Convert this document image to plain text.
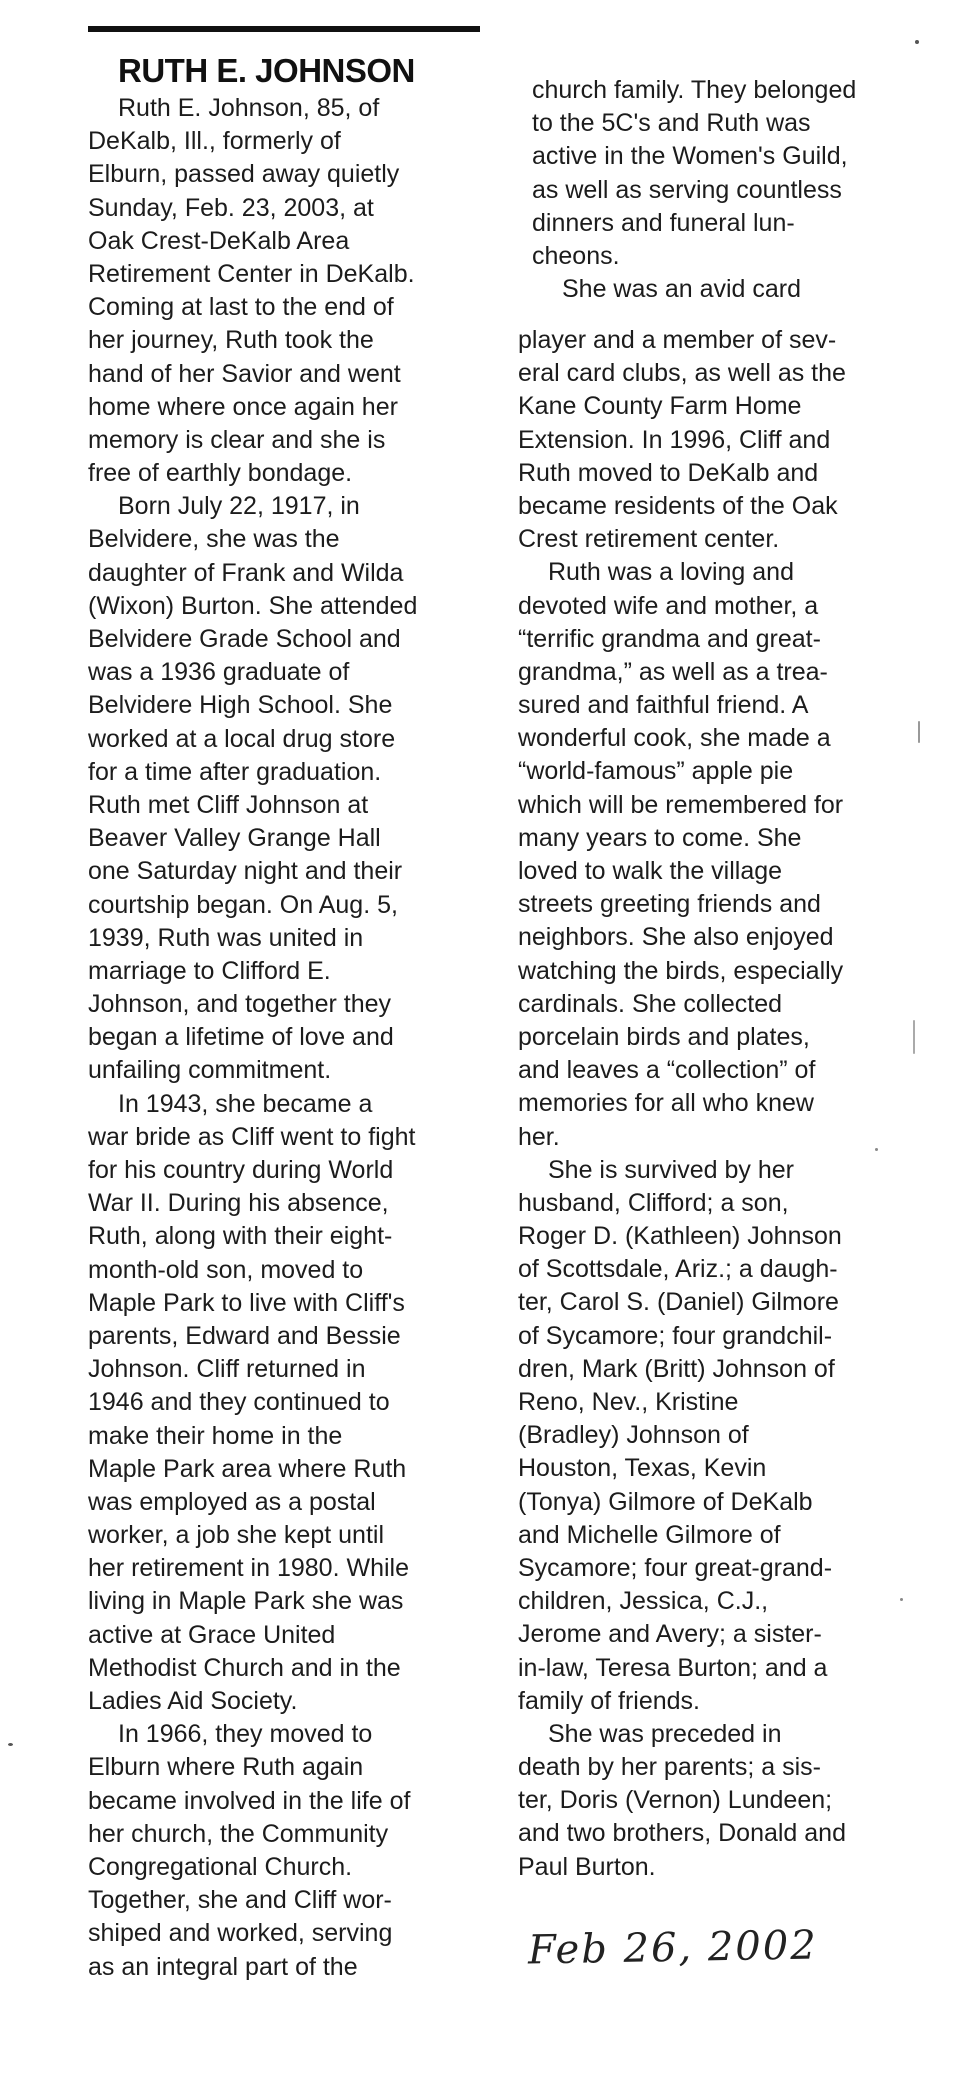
RUTH E. JOHNSON
Ruth E. Johnson, 85, of
DeKalb, Ill., formerly of
Elburn, passed away quietly
Sunday, Feb. 23, 2003, at
Oak Crest-DeKalb Area
Retirement Center in DeKalb.
Coming at last to the end of
her journey, Ruth took the
hand of her Savior and went
home where once again her
memory is clear and she is
free of earthly bondage.
Born July 22, 1917, in
Belvidere, she was the
daughter of Frank and Wilda
(Wixon) Burton. She attended
Belvidere Grade School and
was a 1936 graduate of
Belvidere High School. She
worked at a local drug store
for a time after graduation.
Ruth met Cliff Johnson at
Beaver Valley Grange Hall
one Saturday night and their
courtship began. On Aug. 5,
1939, Ruth was united in
marriage to Clifford E.
Johnson, and together they
began a lifetime of love and
unfailing commitment.
In 1943, she became a
war bride as Cliff went to fight
for his country during World
War II. During his absence,
Ruth, along with their eight-
month-old son, moved to
Maple Park to live with Cliff's
parents, Edward and Bessie
Johnson. Cliff returned in
1946 and they continued to
make their home in the
Maple Park area where Ruth
was employed as a postal
worker, a job she kept until
her retirement in 1980. While
living in Maple Park she was
active at Grace United
Methodist Church and in the
Ladies Aid Society.
In 1966, they moved to
Elburn where Ruth again
became involved in the life of
her church, the Community
Congregational Church.
Together, she and Cliff wor-
shiped and worked, serving
as an integral part of the
church family. They belonged
to the 5C's and Ruth was
active in the Women's Guild,
as well as serving countless
dinners and funeral lun-
cheons.
She was an avid card
player and a member of sev-
eral card clubs, as well as the
Kane County Farm Home
Extension. In 1996, Cliff and
Ruth moved to DeKalb and
became residents of the Oak
Crest retirement center.
Ruth was a loving and
devoted wife and mother, a
“terrific grandma and great-
grandma,” as well as a trea-
sured and faithful friend. A
wonderful cook, she made a
“world-famous” apple pie
which will be remembered for
many years to come. She
loved to walk the village
streets greeting friends and
neighbors. She also enjoyed
watching the birds, especially
cardinals. She collected
porcelain birds and plates,
and leaves a “collection” of
memories for all who knew
her.
She is survived by her
husband, Clifford; a son,
Roger D. (Kathleen) Johnson
of Scottsdale, Ariz.; a daugh-
ter, Carol S. (Daniel) Gilmore
of Sycamore; four grandchil-
dren, Mark (Britt) Johnson of
Reno, Nev., Kristine
(Bradley) Johnson of
Houston, Texas, Kevin
(Tonya) Gilmore of DeKalb
and Michelle Gilmore of
Sycamore; four great-grand-
children, Jessica, C.J.,
Jerome and Avery; a sister-
in-law, Teresa Burton; and a
family of friends.
She was preceded in
death by her parents; a sis-
ter, Doris (Vernon) Lundeen;
and two brothers, Donald and
Paul Burton.
Feb 26, 2002
